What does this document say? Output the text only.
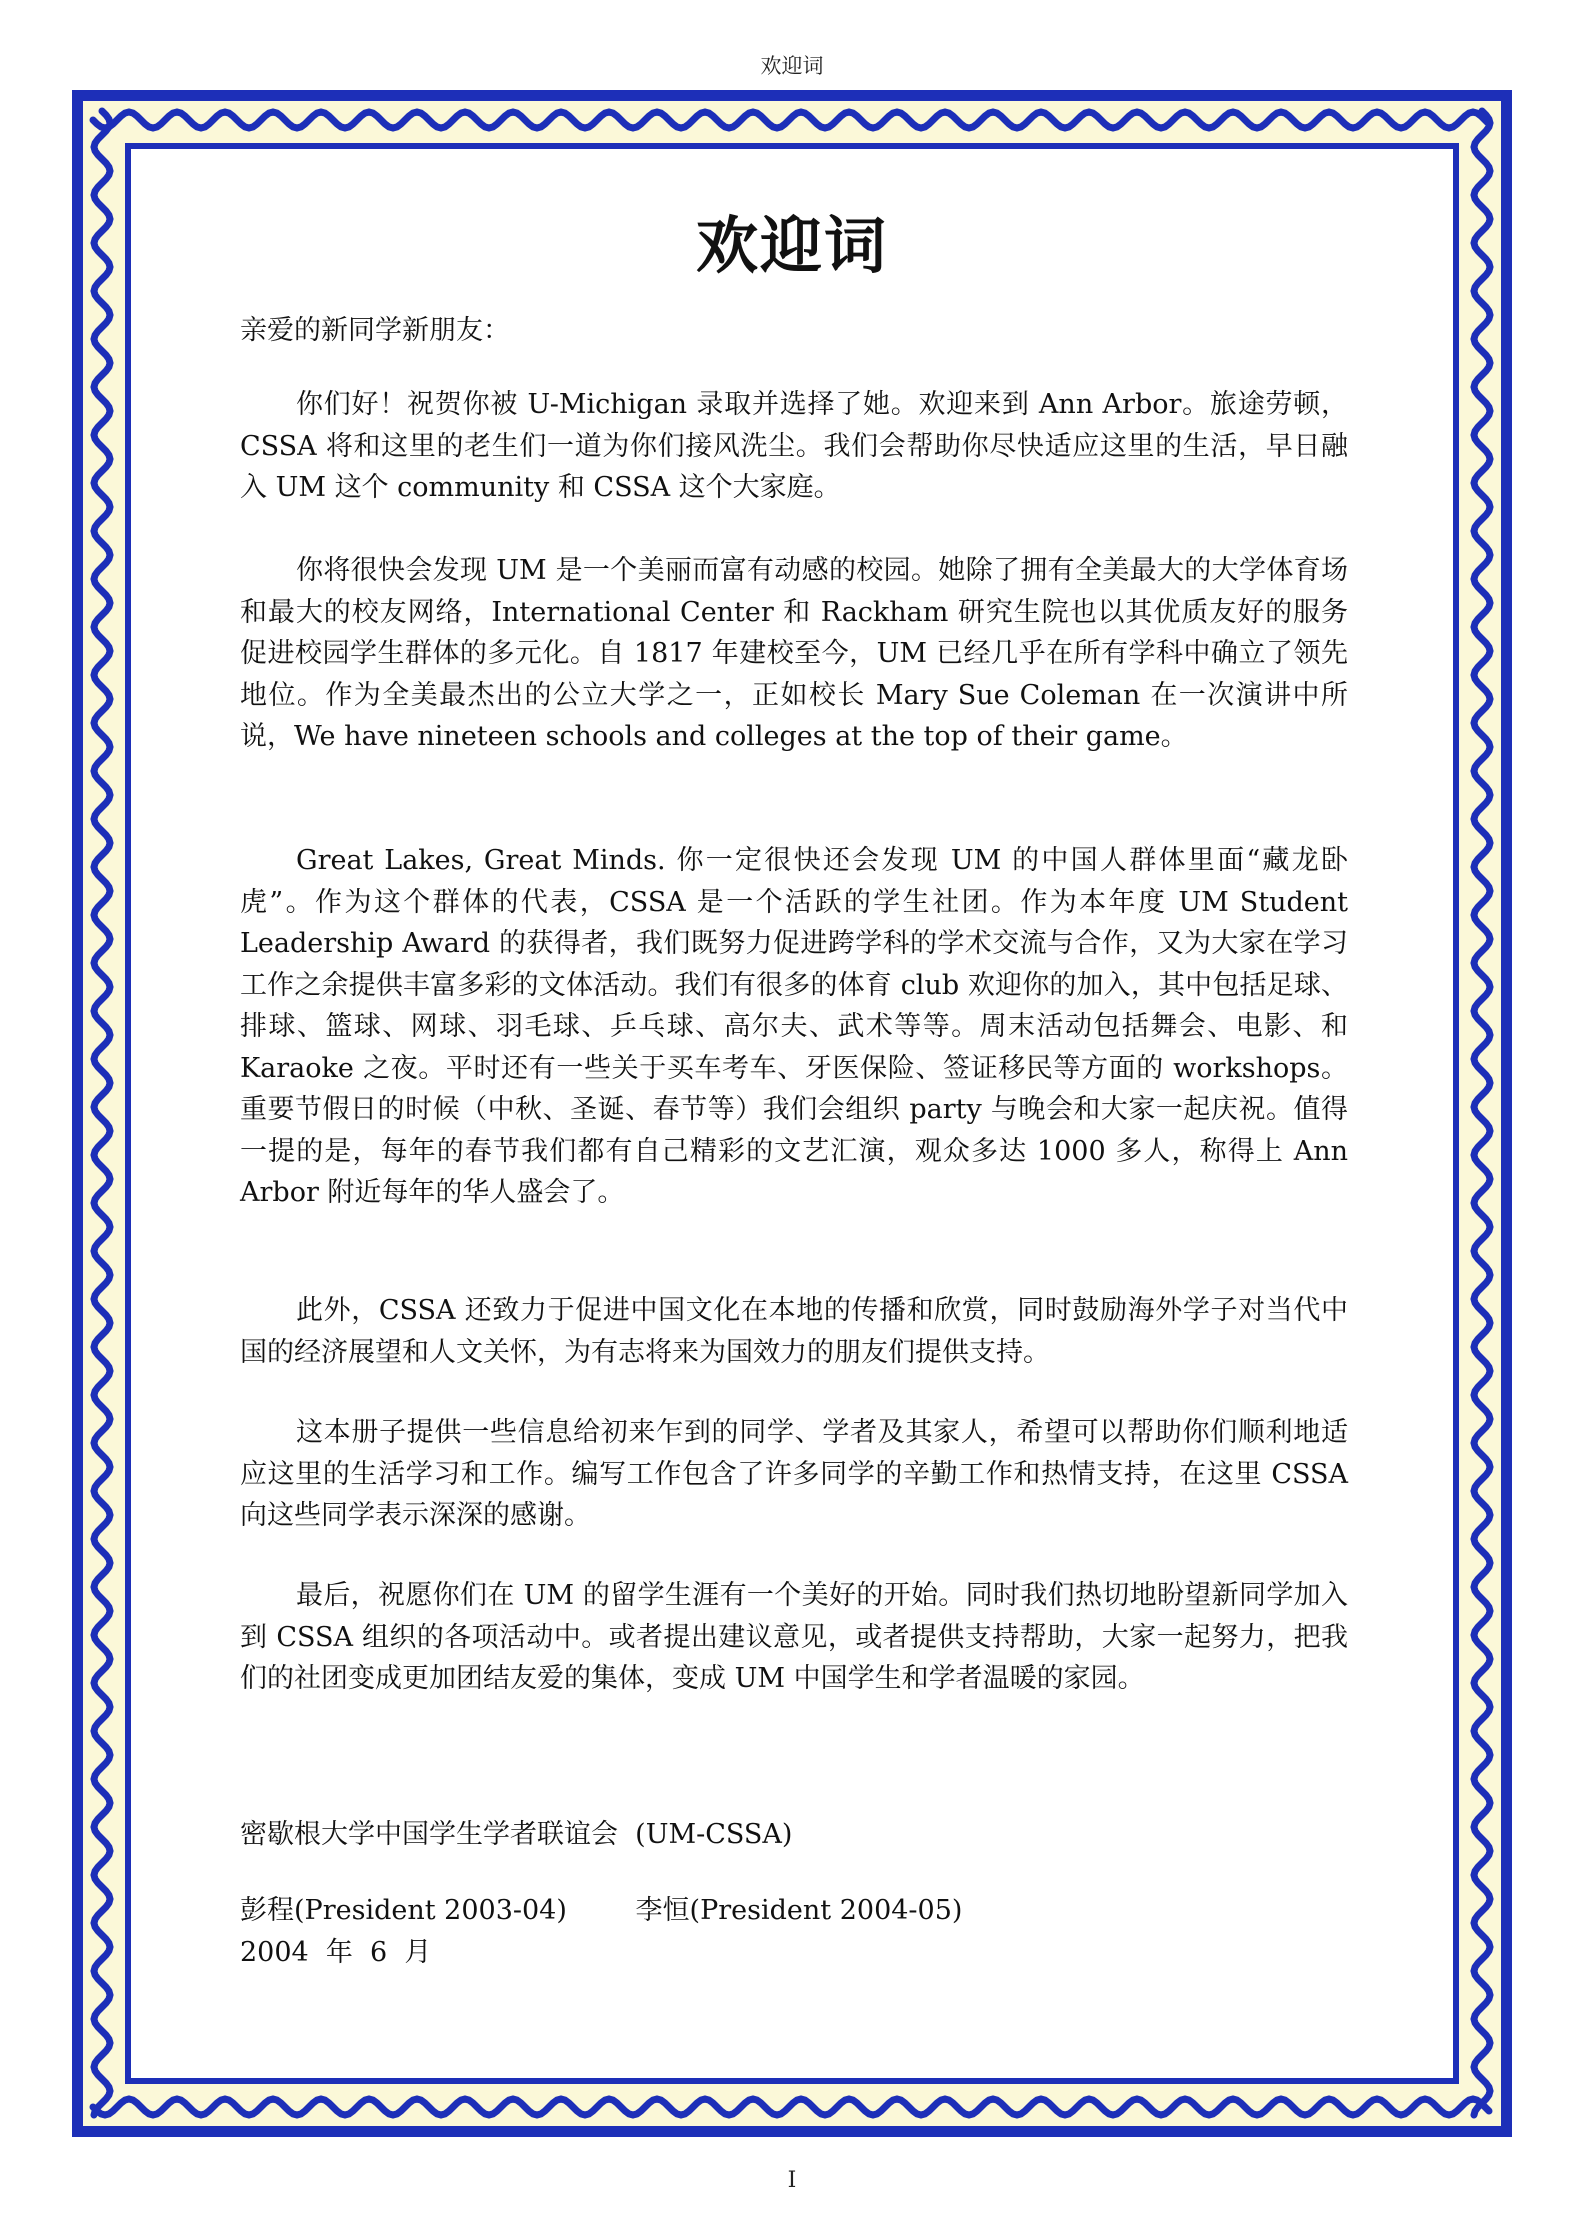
欢迎词
欢迎词
亲爱的新同学新朋友：

你们好！祝贺你被 U-Michigan 录取并选择了她。欢迎来到 Ann Arbor。旅途劳顿，CSSA 将和这里的老生们一道为你们接风洗尘。我们会帮助你尽快适应这里的生活，早日融入 UM 这个 community 和 CSSA 这个大家庭。

你将很快会发现 UM 是一个美丽而富有动感的校园。她除了拥有全美最大的大学体育场和最大的校友网络，International Center 和 Rackham 研究生院也以其优质友好的服务促进校园学生群体的多元化。自 1817 年建校至今，UM 已经几乎在所有学科中确立了领先地位。作为全美最杰出的公立大学之一，正如校长 Mary Sue Coleman 在一次演讲中所说，We have nineteen schools and colleges at the top of their game。

Great Lakes, Great Minds. 你一定很快还会发现 UM 的中国人群体里面“藏龙卧虎”。作为这个群体的代表，CSSA 是一个活跃的学生社团。作为本年度 UM Student Leadership Award 的获得者，我们既努力促进跨学科的学术交流与合作，又为大家在学习工作之余提供丰富多彩的文体活动。我们有很多的体育 club 欢迎你的加入，其中包括足球、排球、篮球、网球、羽毛球、乒乓球、高尔夫、武术等等。周末活动包括舞会、电影、和 Karaoke 之夜。平时还有一些关于买车考车、牙医保险、签证移民等方面的 workshops。重要节假日的时候（中秋、圣诞、春节等）我们会组织 party 与晚会和大家一起庆祝。值得一提的是，每年的春节我们都有自己精彩的文艺汇演，观众多达 1000 多人，称得上 Ann Arbor 附近每年的华人盛会了。

此外，CSSA 还致力于促进中国文化在本地的传播和欣赏，同时鼓励海外学子对当代中国的经济展望和人文关怀，为有志将来为国效力的朋友们提供支持。

这本册子提供一些信息给初来乍到的同学、学者及其家人，希望可以帮助你们顺利地适应这里的生活学习和工作。编写工作包含了许多同学的辛勤工作和热情支持，在这里 CSSA 向这些同学表示深深的感谢。

最后，祝愿你们在 UM 的留学生涯有一个美好的开始。同时我们热切地盼望新同学加入到 CSSA 组织的各项活动中。或者提出建议意见，或者提供支持帮助，大家一起努力，把我们的社团变成更加团结友爱的集体，变成 UM 中国学生和学者温暖的家园。

密歇根大学中国学生学者联谊会  (UM-CSSA)
彭程(President 2003-04)        李恒(President 2004-05)
2004  年  6  月
I
